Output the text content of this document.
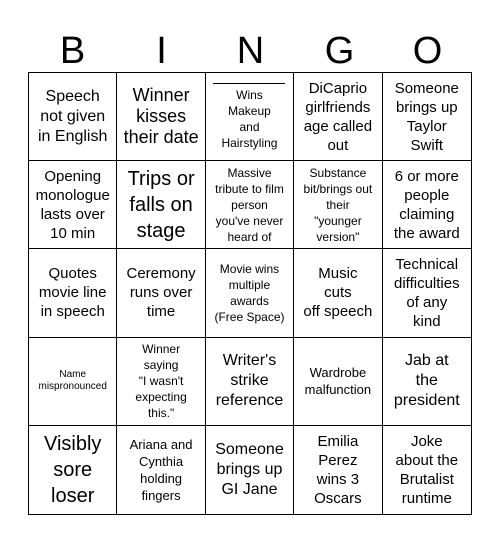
B	I	N	G	O
Speech
not given
in English
Winner
kisses
their date
Wins
Makeup
and
Hairstyling
DiCaprio
girlfriends
age called
out
Someone
brings up
Taylor
Swift
Opening
monologue
lasts over
10 min
Trips or
falls on
stage
Massive
tribute to film
person
you've never
heard of
Substance
bit/brings out
their
"younger
version"
6 or more
people
claiming
the award
Quotes
movie line
in speech
Ceremony
runs over
time
Movie wins
multiple
awards
(Free Space)
Music
cuts
off speech
Technical
difficulties
of any
kind
Name
mispronounced
Winner
saying
"I wasn't
expecting
this."
Writer's
strike
reference
Wardrobe
malfunction
Jab at
the
president
Visibly
sore
loser
Ariana and
Cynthia
holding
fingers
Someone
brings up
GI Jane
Emilia
Perez
wins 3
Oscars
Joke
about the
Brutalist
runtime
